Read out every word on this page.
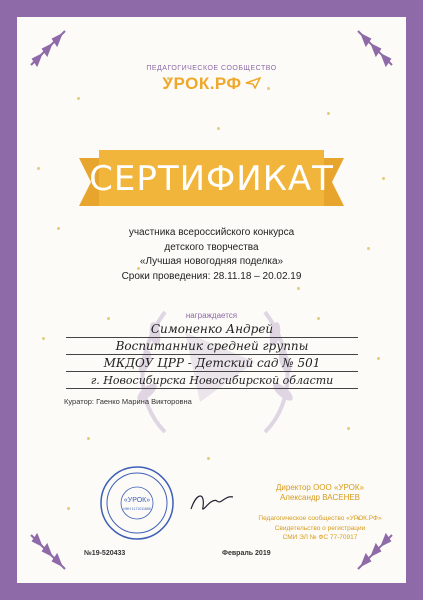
ПЕДАГОГИЧЕСКОЕ СООБЩЕСТВО
УРОК.РФ
СЕРТИФИКАТ
участника всероссийского конкурса
детского творчества
«Лучшая новогодняя поделка»
Сроки проведения: 28.11.18 – 20.02.19
награждается
Симоненко Андрей
Воспитанник средней группы
МКДОУ ЦРР - Детский сад № 501
г. Новосибирска Новосибирской области
Куратор: Гаенко Марина Викторовна
«УРОК»
ИНН 1171011855
Директор ООО «УРОК»
Александр ВАСЕНЕВ
Педагогическое сообщество «УРОК.РФ»
Свидетельство о регистрации
СМИ ЭЛ № ФС 77-70917
№19-520433	Февраль 2019
